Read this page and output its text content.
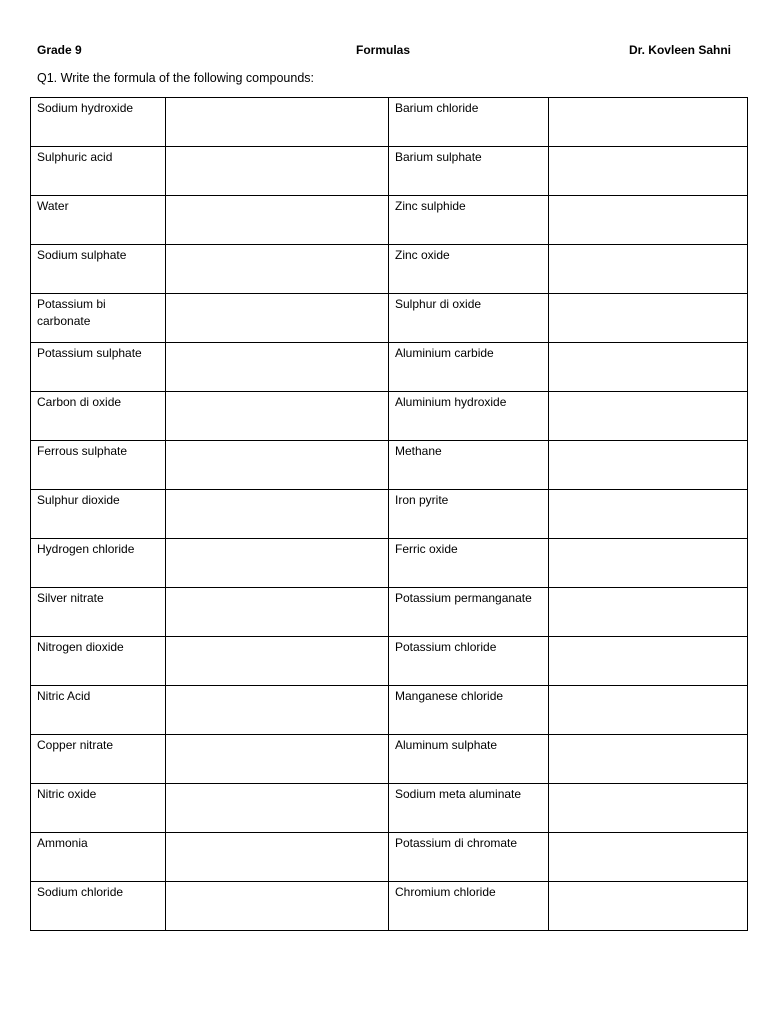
Grade 9	Formulas	Dr. Kovleen Sahni
Q1. Write the formula of the following compounds:
Sodium hydroxide		Barium chloride	
Sulphuric acid		Barium sulphate	
Water		Zinc sulphide	
Sodium sulphate		Zinc oxide	
Potassium bi carbonate		Sulphur di oxide	
Potassium sulphate		Aluminium carbide	
Carbon di oxide		Aluminium hydroxide	
Ferrous sulphate		Methane	
Sulphur dioxide		Iron pyrite	
Hydrogen chloride		Ferric oxide	
Silver nitrate		Potassium permanganate	
Nitrogen dioxide		Potassium chloride	
Nitric Acid		Manganese chloride	
Copper nitrate		Aluminum sulphate	
Nitric oxide		Sodium meta aluminate	
Ammonia		Potassium di chromate	
Sodium chloride		Chromium chloride	
